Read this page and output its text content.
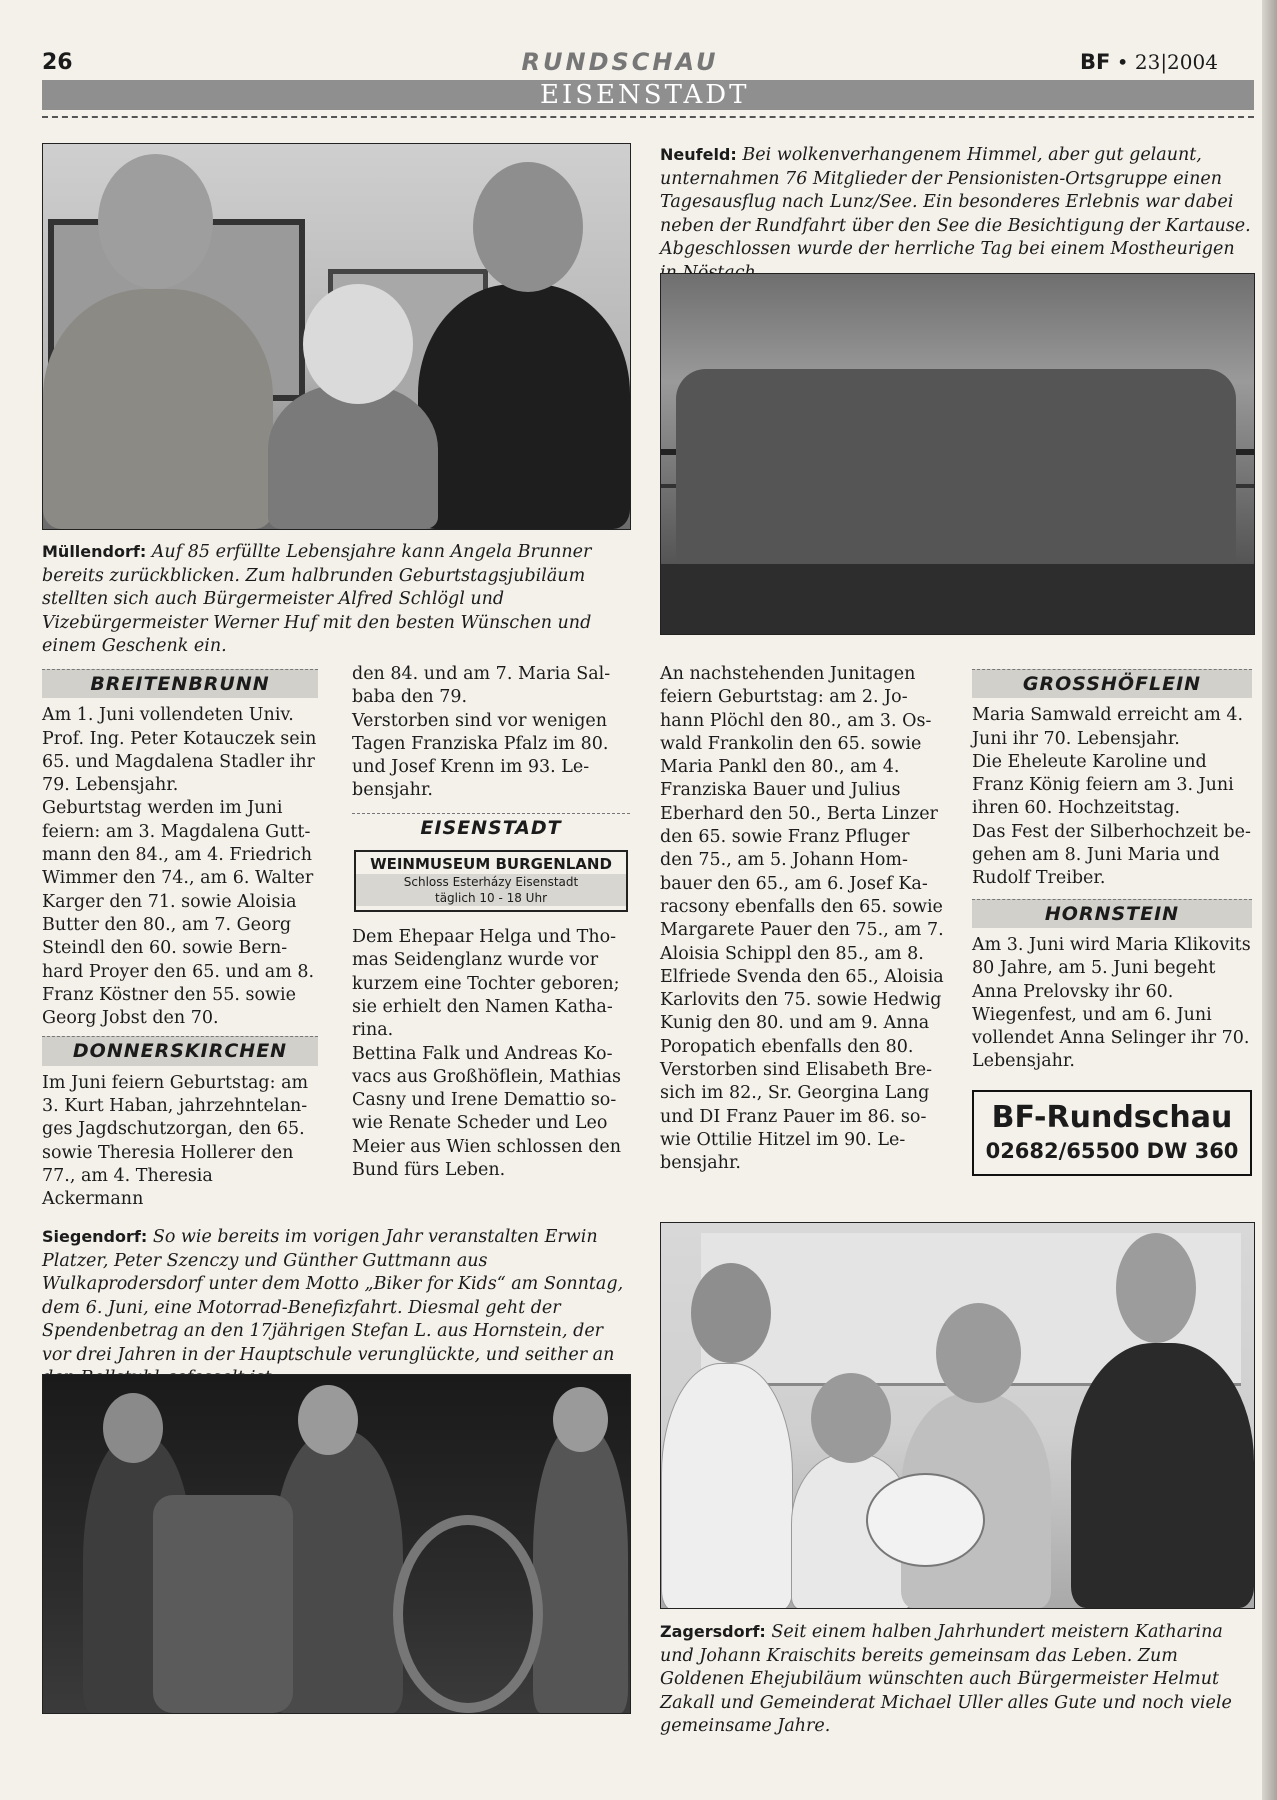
26	RUNDSCHAU	BF • 23|2004
EISENSTADT
Müllendorf: Auf 85 erfüllte Lebensjahre kann Angela Brunner bereits zurückblicken. Zum halbrunden Geburtstagsjubiläum stellten sich auch Bürgermeister Alfred Schlögl und Vizebürgermeister Werner Huf mit den besten Wünschen und einem Geschenk ein.
Neufeld: Bei wolkenverhangenem Himmel, aber gut gelaunt, unternahmen 76 Mitglieder der Pensionisten-Ortsgruppe einen Tagesausflug nach Lunz/See. Ein besonderes Erlebnis war dabei neben der Rundfahrt über den See die Besichtigung der Kartause. Abgeschlossen wurde der herrliche Tag bei einem Mostheurigen
BREITENBRUNN

Am 1. Juni vollendeten Univ. Prof. Ing. Peter Kotauczek sein 65. und Magdalena Stadler ihr 79. Lebensjahr.

Geburtstag werden im Juni feiern: am 3. Magdalena Guttmann den 84., am 4. Friedrich Wimmer den 74., am 6. Walter Karger den 71. sowie Aloisia Butter den 80., am 7. Georg Steindl den 60. sowie Bernhard Proyer den 65. und am 8. Franz Köstner den 55. sowie Georg Jobst den 70.

DONNERSKIRCHEN

Im Juni feiern Geburtstag: am 3. Kurt Haban, jahrzehntelanges Jagdschutzorgan, den 65. sowie Theresia Hollerer den 77., am 4. Theresia Ackermann

den 84. und am 7. Maria Salbaba den 79.

Verstorben sind vor wenigen Tagen Franziska Pfalz im 80. und Josef Krenn im 93. Lebensjahr.

EISENSTADT
WEINMUSEUM BURGENLAND
Schloss Esterházy Eisenstadt
täglich 10 - 18 Uhr

Dem Ehepaar Helga und Thomas Seidenglanz wurde vor kurzem eine Tochter geboren; sie erhielt den Namen Katharina.

Bettina Falk und Andreas Kovacs aus Großhöflein, Mathias Casny und Irene Demattio sowie Renate Scheder und Leo Meier aus Wien schlossen den Bund fürs Leben.

An nachstehenden Junitagen feiern Geburtstag: am 2. Johann Plöchl den 80., am 3. Oswald Frankolin den 65. sowie Maria Pankl den 80., am 4. Franziska Bauer und Julius Eberhard den 50., Berta Linzer den 65. sowie Franz Pfluger den 75., am 5. Johann Hombauer den 65., am 6. Josef Karacsony ebenfalls den 65. sowie Margarete Pauer den 75., am 7. Aloisia Schippl den 85., am 8. Elfriede Svenda den 65., Aloisia Karlovits den 75. sowie Hedwig Kunig den 80. und am 9. Anna Poropatich ebenfalls den 80.

Verstorben sind Elisabeth Bresich im 82., Sr. Georgina Lang und DI Franz Pauer im 86. sowie Ottilie Hitzel im 90. Lebensjahr.

GROSSHÖFLEIN

Maria Samwald erreicht am 4. Juni ihr 70. Lebensjahr.

Die Eheleute Karoline und Franz König feiern am 3. Juni ihren 60. Hochzeitstag.

Das Fest der Silberhochzeit begehen am 8. Juni Maria und Rudolf Treiber.

HORNSTEIN

Am 3. Juni wird Maria Klikovits 80 Jahre, am 5. Juni begeht Anna Prelovsky ihr 60. Wiegenfest, und am 6. Juni vollendet Anna Selinger ihr 70. Lebensjahr.

BF-Rundschau
02682/65500 DW 360
Siegendorf: So wie bereits im vorigen Jahr veranstalten Erwin Platzer, Peter Szenczy und Günther Guttmann aus Wulkaprodersdorf unter dem Motto „Biker for Kids“ am Sonntag, dem 6. Juni, eine Motorrad-Benefizfahrt. Diesmal geht der Spendenbetrag an den 17jährigen Stefan L. aus Hornstein, der vor drei Jahren in der Hauptschule verunglückte, und seither an
Zagersdorf: Seit einem halben Jahrhundert meistern Katharina und Johann Kraischits bereits gemeinsam das Leben. Zum Goldenen Ehejubiläum wünschten auch Bürgermeister Helmut Zakall und Gemeinderat Michael Uller alles Gute und noch viele gemeinsame Jahre.
